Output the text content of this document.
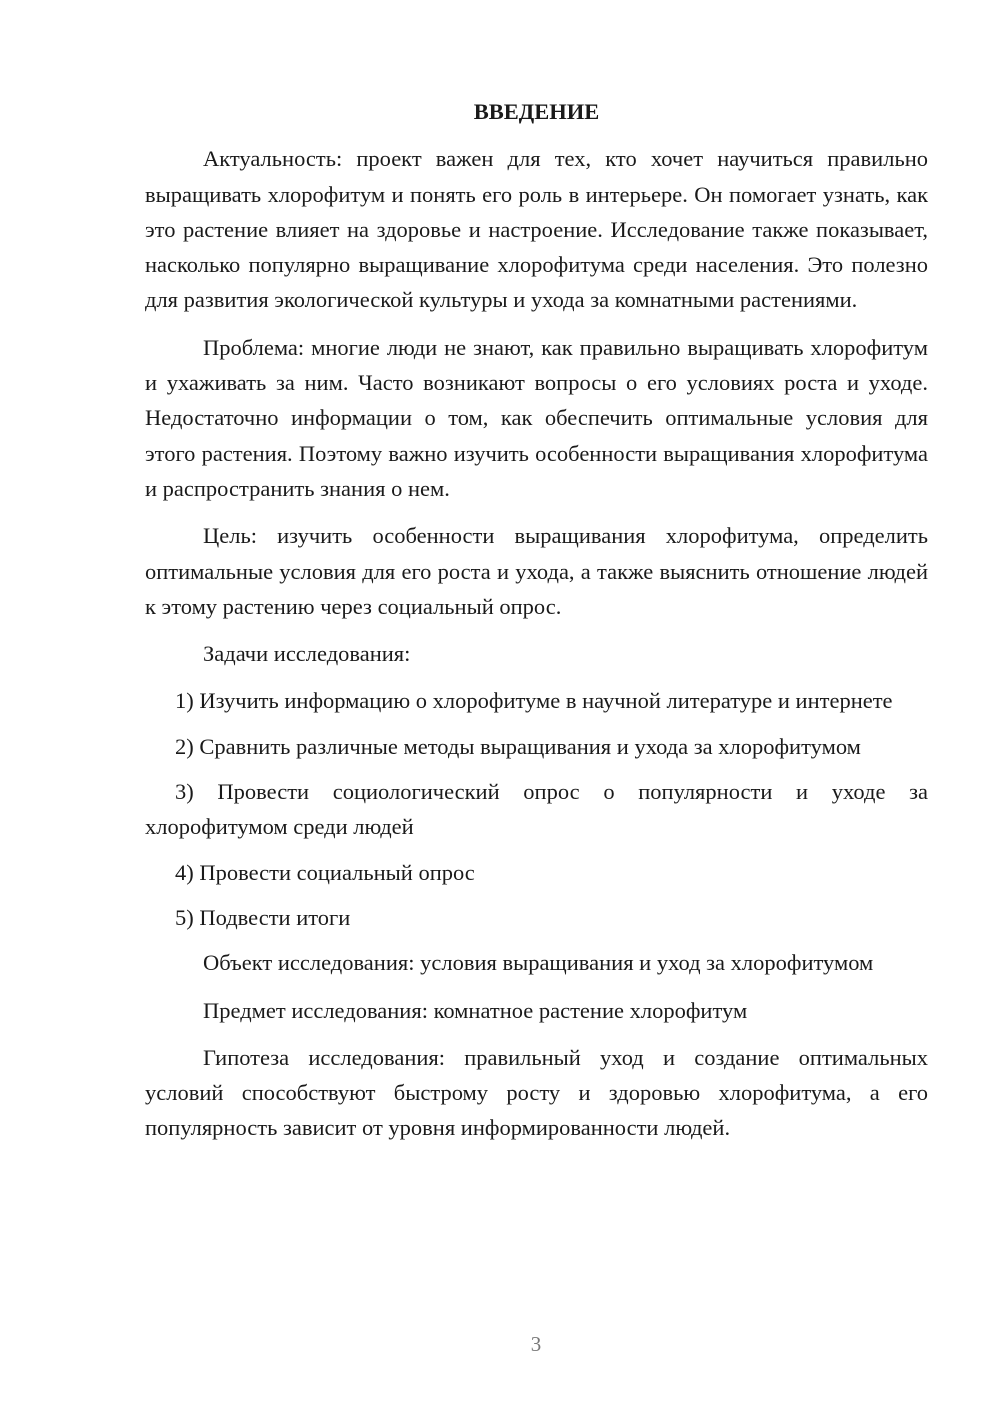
ВВЕДЕНИЕ

Актуальность: проект важен для тех, кто хочет научиться правильно выращивать хлорофитум и понять его роль в интерьере. Он помогает узнать, как это растение влияет на здоровье и настроение. Исследование также показывает, насколько популярно выращивание хлорофитума среди населения. Это полезно для развития экологической культуры и ухода за комнатными растениями.

Проблема: многие люди не знают, как правильно выращивать хлорофитум и ухаживать за ним. Часто возникают вопросы о его условиях роста и уходе. Недостаточно информации о том, как обеспечить оптимальные условия для этого растения. Поэтому важно изучить особенности выращивания хлорофитума и распространить знания о нем.

Цель: изучить особенности выращивания хлорофитума, определить оптимальные условия для его роста и ухода, а также выяснить отношение людей к этому растению через социальный опрос.

Задачи исследования:

1) Изучить информацию о хлорофитуме в научной литературе и интернете
2) Сравнить различные методы выращивания и ухода за хлорофитумом
3) Провести социологический опрос о популярности и уходе за хлорофитумом среди людей
4) Провести социальный опрос
5) Подвести итоги

Объект исследования: условия выращивания и уход за хлорофитумом

Предмет исследования: комнатное растение хлорофитум

Гипотеза исследования: правильный уход и создание оптимальных условий способствуют быстрому росту и здоровью хлорофитума, а его популярность зависит от уровня информированности людей.

3
